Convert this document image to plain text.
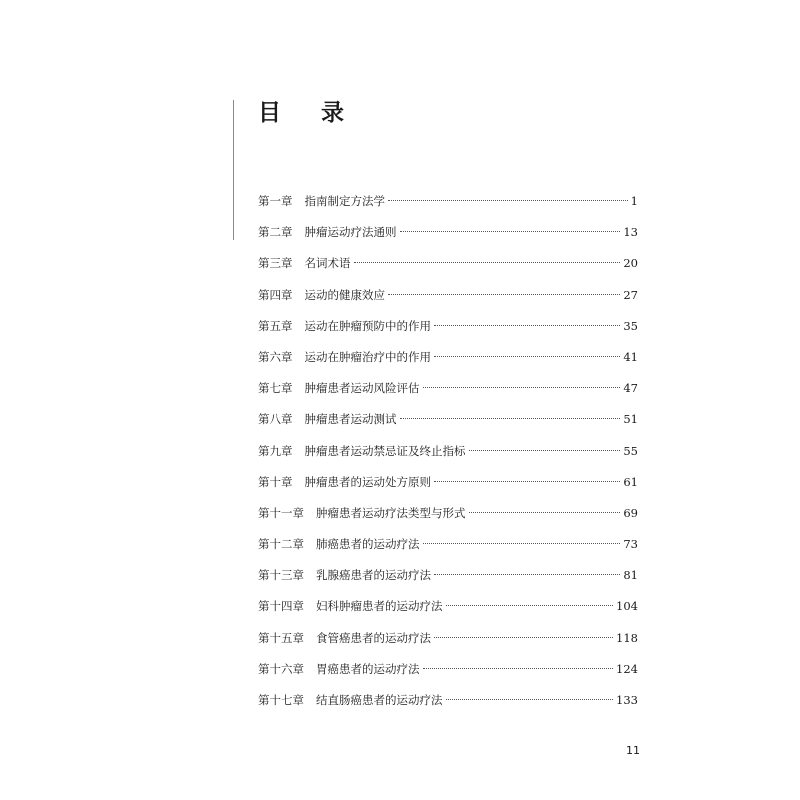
目 录
第一章 指南制定方法学	1
第二章 肿瘤运动疗法通则	13
第三章 名词术语	20
第四章 运动的健康效应	27
第五章 运动在肿瘤预防中的作用	35
第六章 运动在肿瘤治疗中的作用	41
第七章 肿瘤患者运动风险评估	47
第八章 肿瘤患者运动测试	51
第九章 肿瘤患者运动禁忌证及终止指标	55
第十章 肿瘤患者的运动处方原则	61
第十一章 肿瘤患者运动疗法类型与形式	69
第十二章 肺癌患者的运动疗法	73
第十三章 乳腺癌患者的运动疗法	81
第十四章 妇科肿瘤患者的运动疗法	104
第十五章 食管癌患者的运动疗法	118
第十六章 胃癌患者的运动疗法	124
第十七章 结直肠癌患者的运动疗法	133
11
